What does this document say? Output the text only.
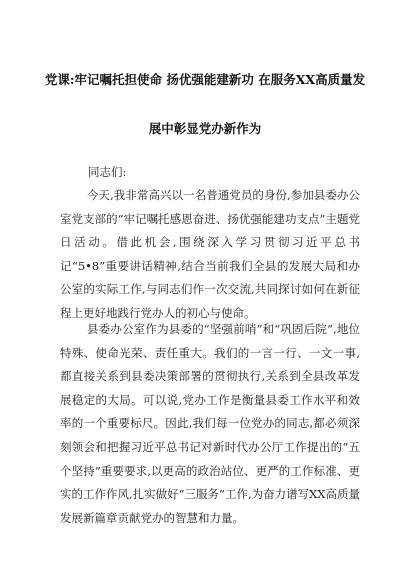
党课:牢记嘱托担使命 扬优强能建新功 在服务XX高质量发
展中彰显党办新作为
同志们:

今天,我非常高兴以一名普通党员的身份,参加县委办公室党支部的“牢记嘱托感恩奋进、扬优强能建功支点”主题党日活动。借此机会,围绕深入学习贯彻习近平总书记“5•8”重要讲话精神,结合当前我们全县的发展大局和办公室的实际工作,与同志们作一次交流,共同探讨如何在新征程上更好地践行党办人的初心与使命。

县委办公室作为县委的“坚强前哨”和“巩固后院”,地位特殊、使命光荣、责任重大。我们的一言一行、一文一事,都直接关系到县委决策部署的贯彻执行,关系到全县改革发展稳定的大局。可以说,党办工作是衡量县委工作水平和效率的一个重要标尺。因此,我们每一位党办的同志,都必须深刻领会和把握习近平总书记对新时代办公厅工作提出的“五个坚持”重要要求,以更高的政治站位、更严的工作标准、更实的工作作风,扎实做好“三服务”工作,为奋力谱写XX高质量发展新篇章贡献党办的智慧和力量。
